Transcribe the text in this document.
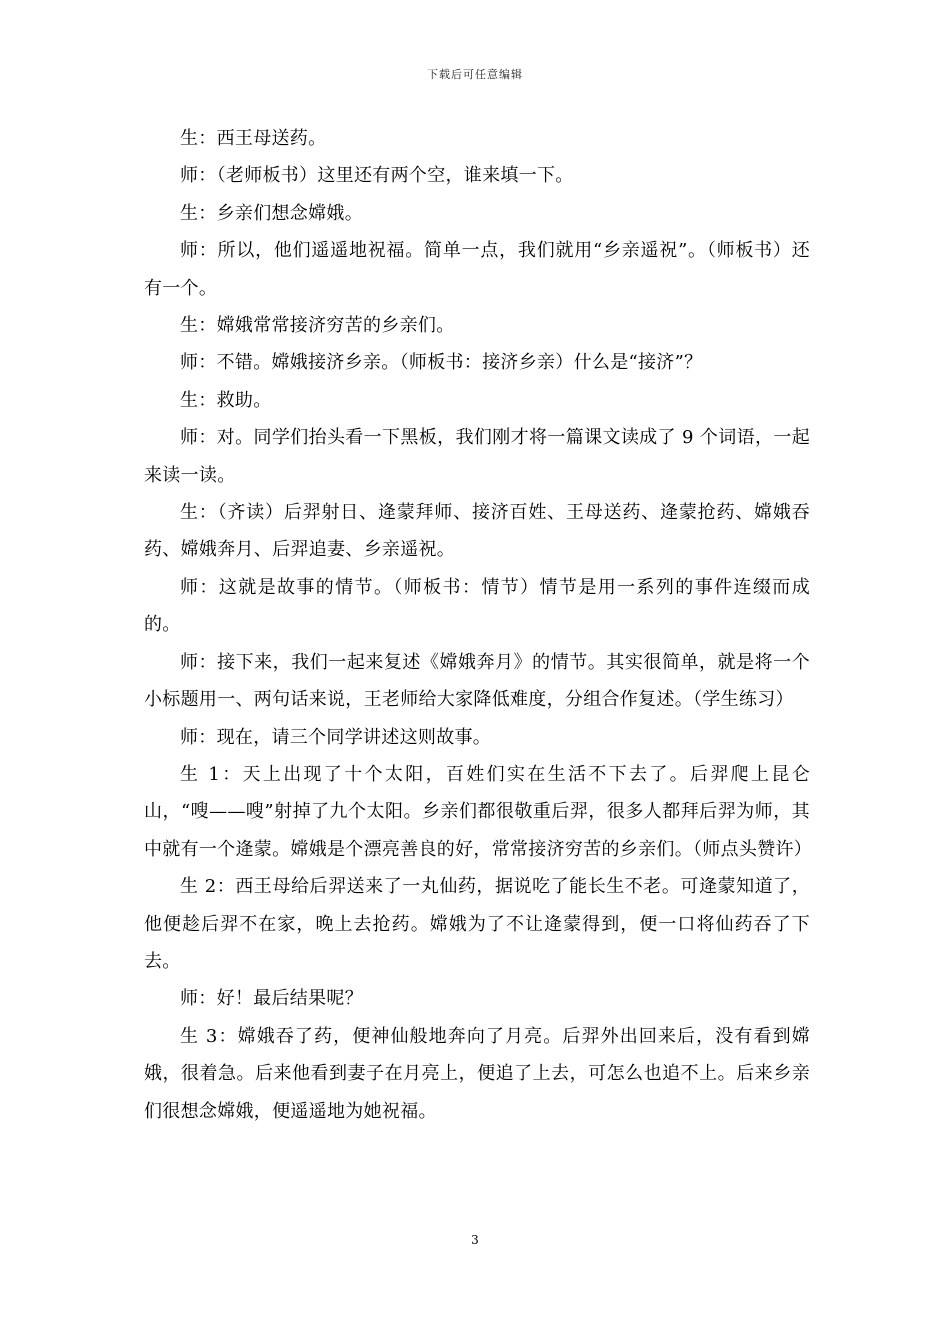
下载后可任意编辑

生：西王母送药。

师：（老师板书）这里还有两个空，谁来填一下。

生：乡亲们想念嫦娥。

师：所以，他们遥遥地祝福。简单一点，我们就用“乡亲遥祝”。（师板书）还有一个。

生：嫦娥常常接济穷苦的乡亲们。

师：不错。嫦娥接济乡亲。（师板书：接济乡亲）什么是“接济”？

生：救助。

师：对。同学们抬头看一下黑板，我们刚才将一篇课文读成了 9 个词语，一起来读一读。

生：（齐读）后羿射日、逄蒙拜师、接济百姓、王母送药、逄蒙抢药、嫦娥吞药、嫦娥奔月、后羿追妻、乡亲遥祝。

师：这就是故事的情节。（师板书：情节）情节是用一系列的事件连缀而成的。

师：接下来，我们一起来复述《嫦娥奔月》的情节。其实很简单，就是将一个小标题用一、两句话来说，王老师给大家降低难度，分组合作复述。（学生练习）

师：现在，请三个同学讲述这则故事。

生 1：天上出现了十个太阳，百姓们实在生活不下去了。后羿爬上昆仑山，“嗖——嗖”射掉了九个太阳。乡亲们都很敬重后羿，很多人都拜后羿为师，其中就有一个逄蒙。嫦娥是个漂亮善良的好，常常接济穷苦的乡亲们。（师点头赞许）

生 2：西王母给后羿送来了一丸仙药，据说吃了能长生不老。可逄蒙知道了，他便趁后羿不在家，晚上去抢药。嫦娥为了不让逄蒙得到，便一口将仙药吞了下去。

师：好！最后结果呢？

生 3：嫦娥吞了药，便神仙般地奔向了月亮。后羿外出回来后，没有看到嫦娥，很着急。后来他看到妻子在月亮上，便追了上去，可怎么也追不上。后来乡亲们很想念嫦娥，便遥遥地为她祝福。

3
